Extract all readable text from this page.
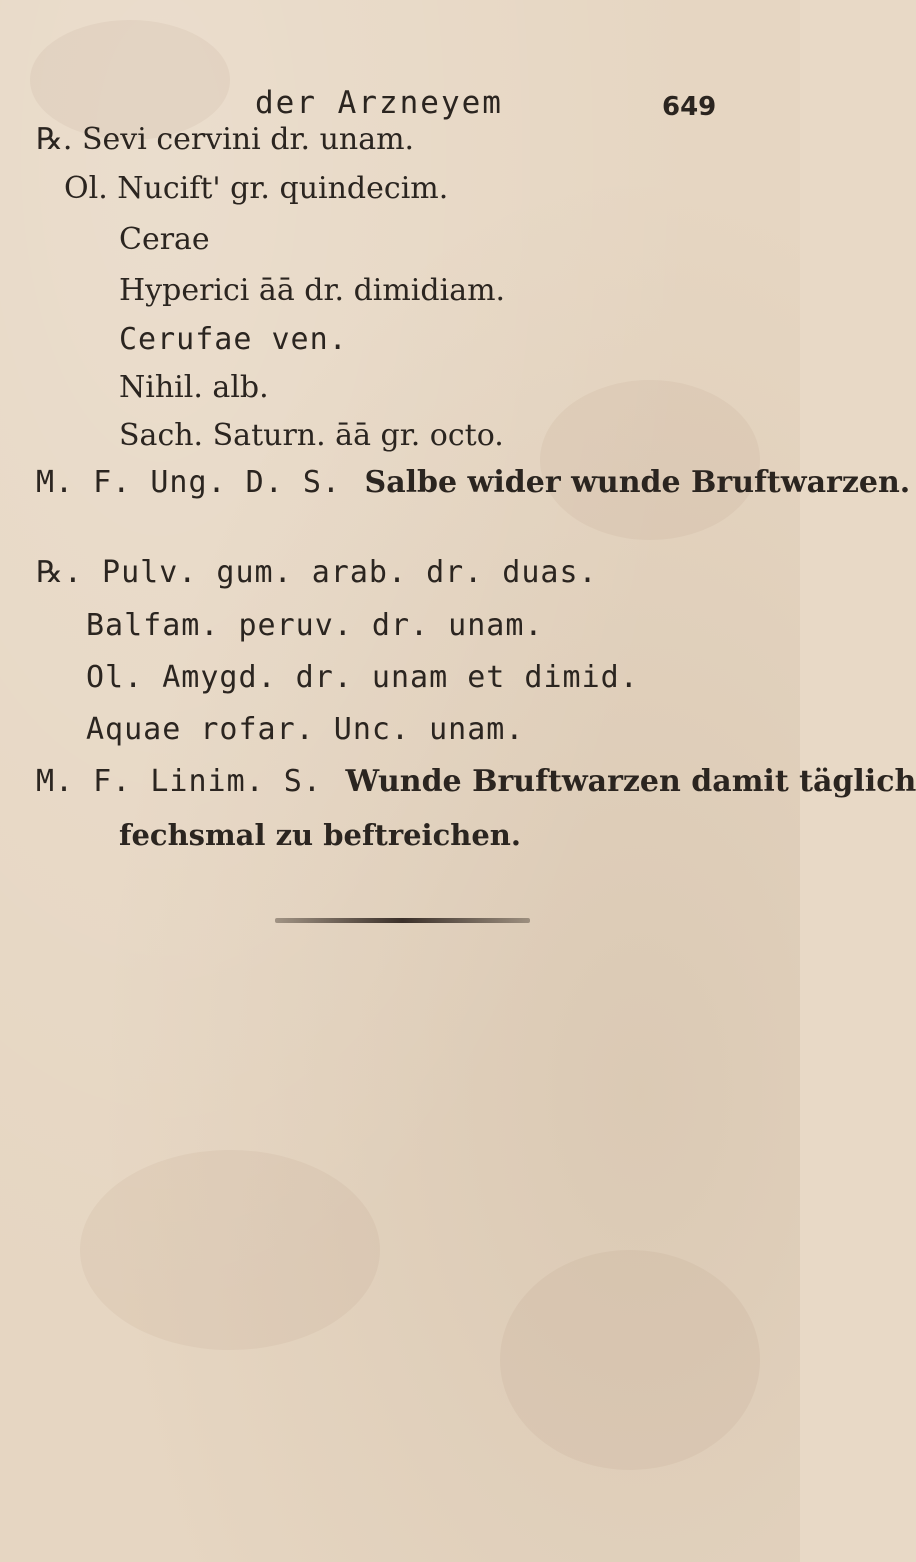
der Arzneyem	649
℞. Sevi cervini dr. unam.
Ol. Nucift' gr. quindecim.
Cerae
Hyperici āā dr. dimidiam.
Cerufae ven.
Nihil. alb.
Sach. Saturn. āā gr. octo.
M. F. Ung. D. S. Salbe wider wunde Bruftwarzen.
℞. Pulv. gum. arab. dr. duas.
Balfam. peruv. dr. unam.
Ol. Amygd. dr. unam et dimid.
Aquae rofar. Unc. unam.
M. F. Linim. S. Wunde Bruftwarzen damit täglich
fechsmal zu beftreichen.
